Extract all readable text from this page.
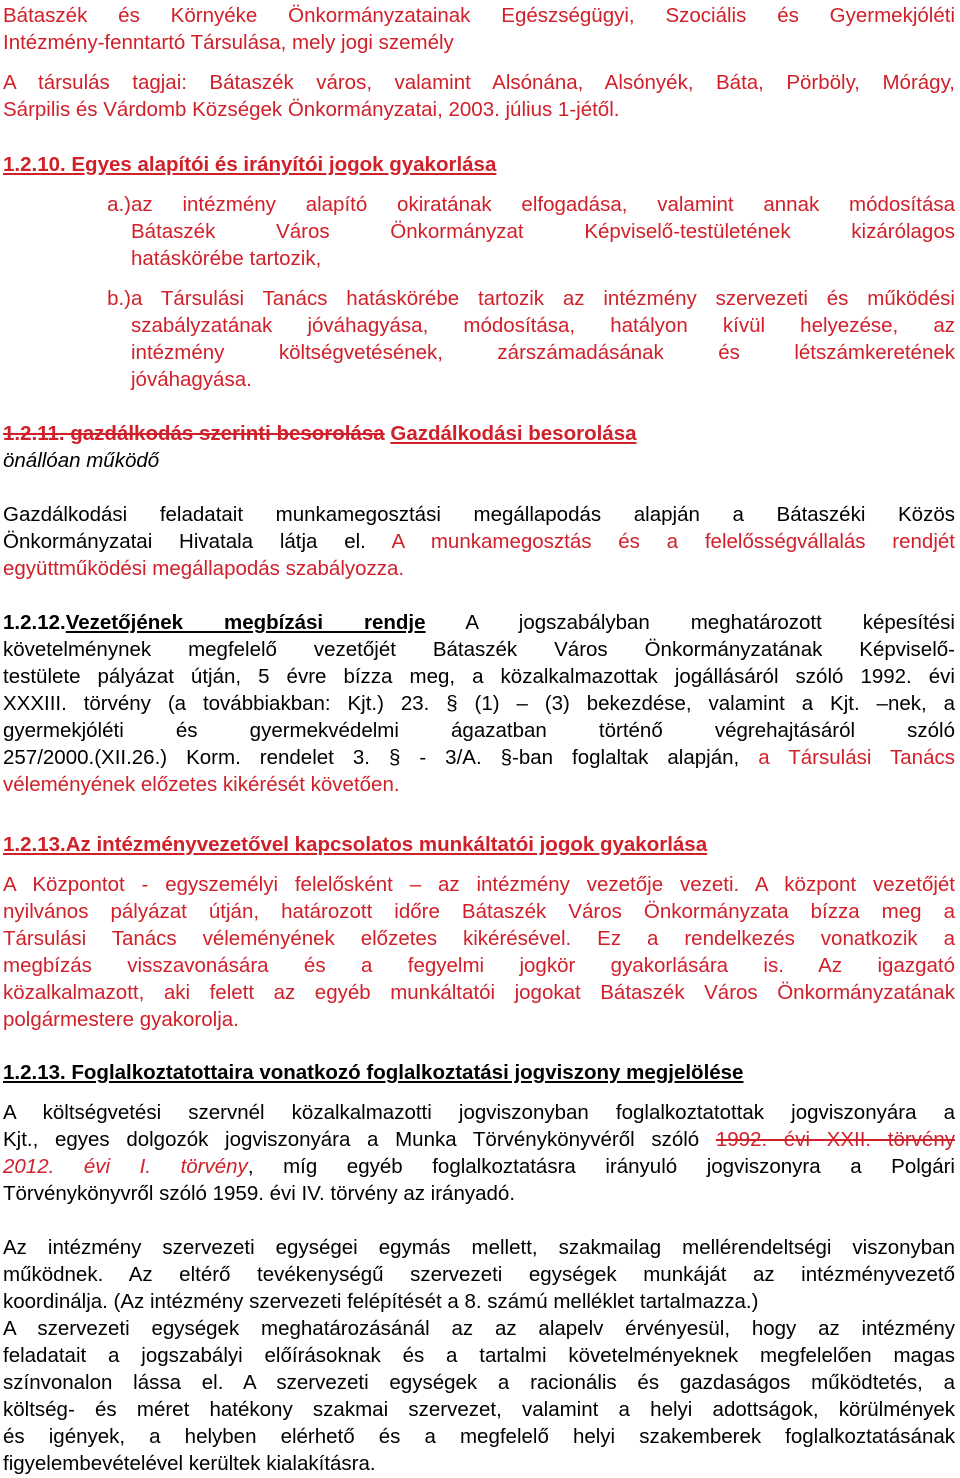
Bátaszék és Környéke Önkormányzatainak Egészségügyi, Szociális és Gyermekjóléti
Intézmény-fenntartó Társulása, mely jogi személy
A társulás tagjai: Bátaszék város, valamint Alsónána, Alsónyék, Báta, Pörböly, Mórágy,
Sárpilis és Várdomb Községek Önkormányzatai, 2003. július 1-jétől.
1.2.10. Egyes alapítói és irányítói jogok gyakorlása
a.) az intézmény alapító okiratának elfogadása, valamint annak módosítása
Bátaszék Város Önkormányzat Képviselő-testületének kizárólagos
hatáskörébe tartozik,
b.) a Társulási Tanács hatáskörébe tartozik az intézmény szervezeti és működési
szabályzatának jóváhagyása, módosítása, hatályon kívül helyezése, az
intézmény költségvetésének, zárszámadásának és létszámkeretének
jóváhagyása.
1.2.11. gazdálkodás szerinti besorolása Gazdálkodási besorolása
önállóan működő
Gazdálkodási feladatait munkamegosztási megállapodás alapján a Bátaszéki Közös
Önkormányzatai Hivatala látja el. A munkamegosztás és a felelősségvállalás rendjét
együttműködési megállapodás szabályozza.
1.2.12.Vezetőjének megbízási rendje A jogszabályban meghatározott képesítési
követelménynek megfelelő vezetőjét Bátaszék Város Önkormányzatának Képviselő-
testülete pályázat útján, 5 évre bízza meg, a közalkalmazottak jogállásáról szóló 1992. évi
XXXIII. törvény (a továbbiakban: Kjt.) 23. § (1) – (3) bekezdése, valamint a Kjt. –nek, a
gyermekjóléti és gyermekvédelmi ágazatban történő végrehajtásáról szóló
257/2000.(XII.26.) Korm. rendelet 3. § - 3/A. §-ban foglaltak alapján, a Társulási Tanács
véleményének előzetes kikérését követően.
1.2.13.Az intézményvezetővel kapcsolatos munkáltatói jogok gyakorlása
A Központot - egyszemélyi felelősként – az intézmény vezetője vezeti. A központ vezetőjét
nyilvános pályázat útján, határozott időre Bátaszék Város Önkormányzata bízza meg a
Társulási Tanács véleményének előzetes kikérésével. Ez a rendelkezés vonatkozik a
megbízás visszavonására és a fegyelmi jogkör gyakorlására is. Az igazgató
közalkalmazott, aki felett az egyéb munkáltatói jogokat Bátaszék Város Önkormányzatának
polgármestere gyakorolja.
1.2.13. Foglalkoztatottaira vonatkozó foglalkoztatási jogviszony megjelölése
A költségvetési szervnél közalkalmazotti jogviszonyban foglalkoztatottak jogviszonyára a
Kjt., egyes dolgozók jogviszonyára a Munka Törvénykönyvéről szóló 1992. évi XXII. törvény
2012. évi I. törvény, míg egyéb foglalkoztatásra irányuló jogviszonyra a Polgári
Törvénykönyvről szóló 1959. évi IV. törvény az irányadó.
Az intézmény szervezeti egységei egymás mellett, szakmailag mellérendeltségi viszonyban
működnek. Az eltérő tevékenységű szervezeti egységek munkáját az intézményvezető
koordinálja. (Az intézmény szervezeti felépítését a 8. számú melléklet tartalmazza.)
A szervezeti egységek meghatározásánál az az alapelv érvényesül, hogy az intézmény
feladatait a jogszabályi előírásoknak és a tartalmi követelményeknek megfelelően magas
színvonalon lássa el. A szervezeti egységek a racionális és gazdaságos működtetés, a
költség- és méret hatékony szakmai szervezet, valamint a helyi adottságok, körülmények
és igények, a helyben elérhető és a megfelelő helyi szakemberek foglalkoztatásának
figyelembevételével kerültek kialakításra.
